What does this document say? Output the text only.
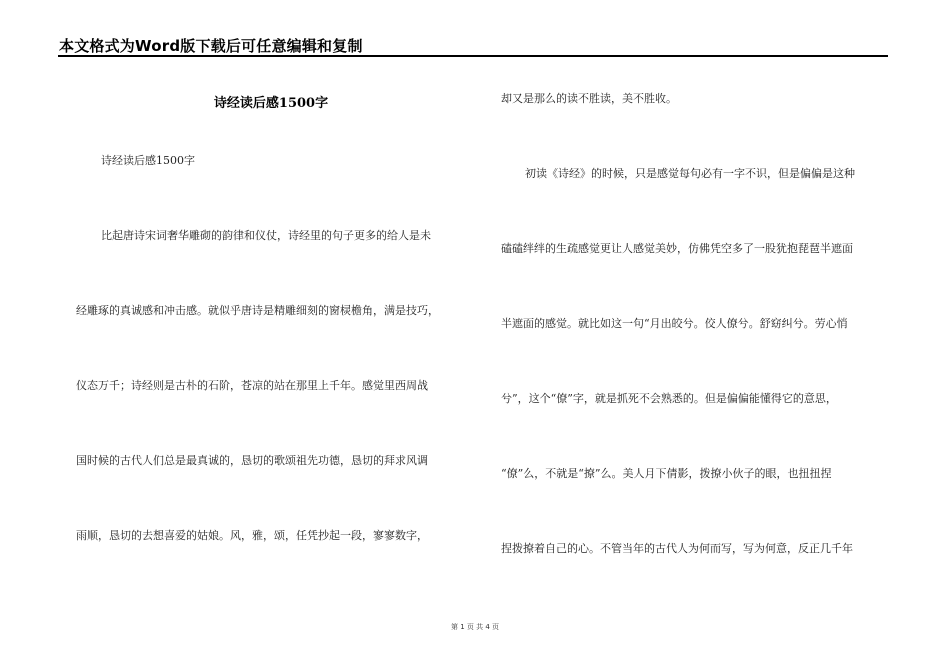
本文格式为Word版下载后可任意编辑和复制
诗经读后感1500字
诗经读后感1500字
比起唐诗宋词奢华雕砌的韵律和仪仗，诗经里的句子更多的给人是未
经雕琢的真诚感和冲击感。就似乎唐诗是精雕细刻的窗棂檐角，满是技巧，
仪态万千；诗经则是古朴的石阶，苍凉的站在那里上千年。感觉里西周战
国时候的古代人们总是最真诚的，恳切的歌颂祖先功德，恳切的拜求风调
雨顺，恳切的去想喜爱的姑娘。风，雅，颂，任凭抄起一段，寥寥数字，
却又是那么的读不胜读，美不胜收。
初读《诗经》的时候，只是感觉每句必有一字不识，但是偏偏是这种
磕磕绊绊的生疏感觉更让人感觉美妙，仿佛凭空多了一股犹抱琵琶半遮面
半遮面的感觉。就比如这一句“月出皎兮。佼人僚兮。舒窈纠兮。劳心悄
兮”，这个“僚”字，就是抓死不会熟悉的。但是偏偏能懂得它的意思，
“僚”么，不就是“撩”么。美人月下倩影，拨撩小伙子的眼，也扭扭捏
捏拨撩着自己的心。不管当年的古代人为何而写，写为何意，反正几千年
第 1 页 共 4 页
